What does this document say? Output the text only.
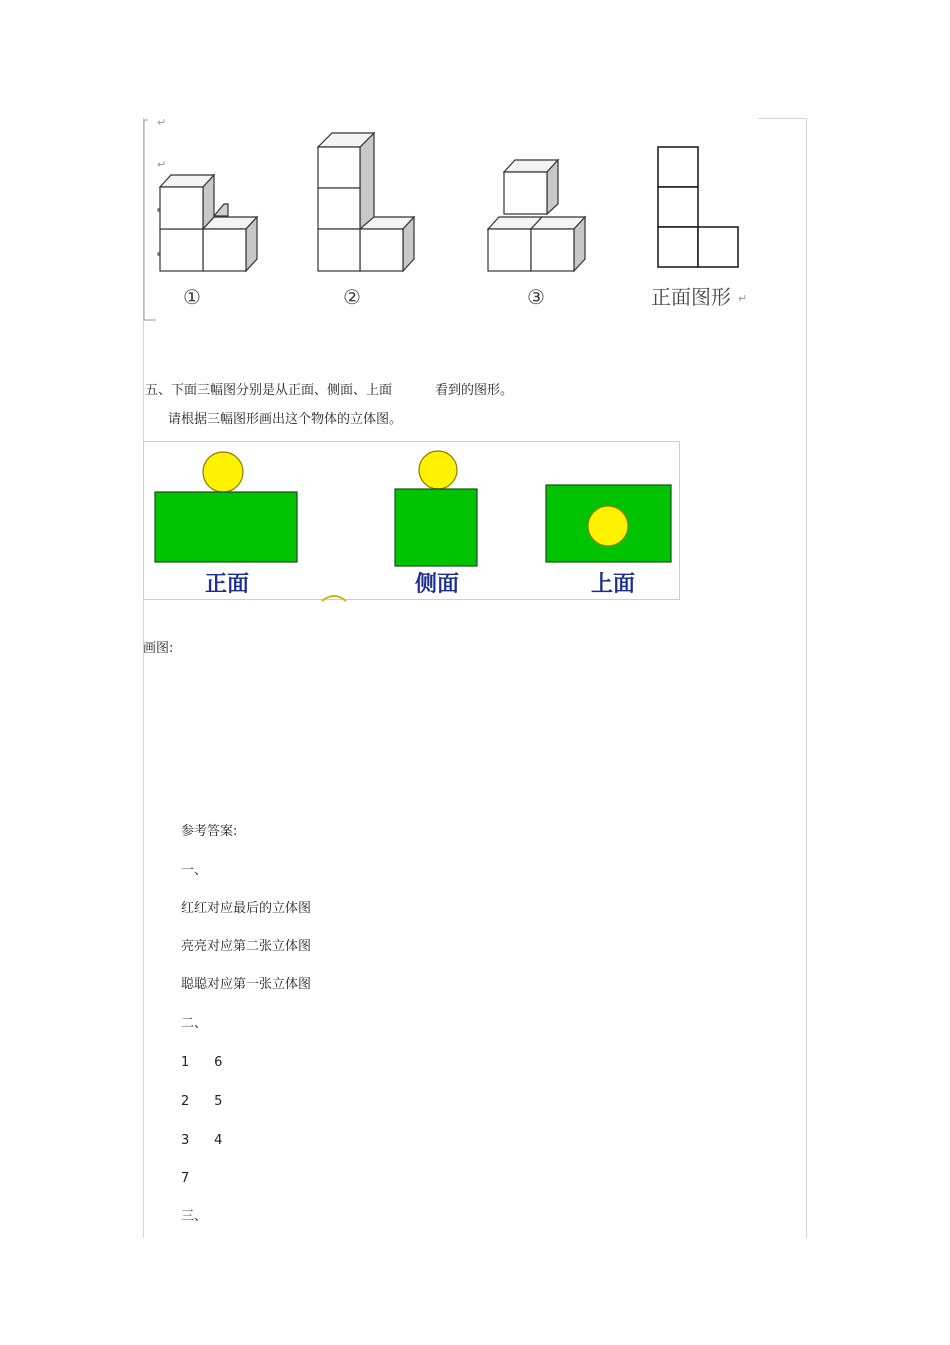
↵
↵
①	②	③	正面图形 ↵
五、下面三幅图分别是从正面、侧面、上面	看到的图形。
请根据三幅图形画出这个物体的立体图。
正面	侧面	上面
画图:
参考答案:
一、
红红对应最后的立体图
亮亮对应第二张立体图
聪聪对应第一张立体图
二、
1      6
2      5
3      4
7
三、
